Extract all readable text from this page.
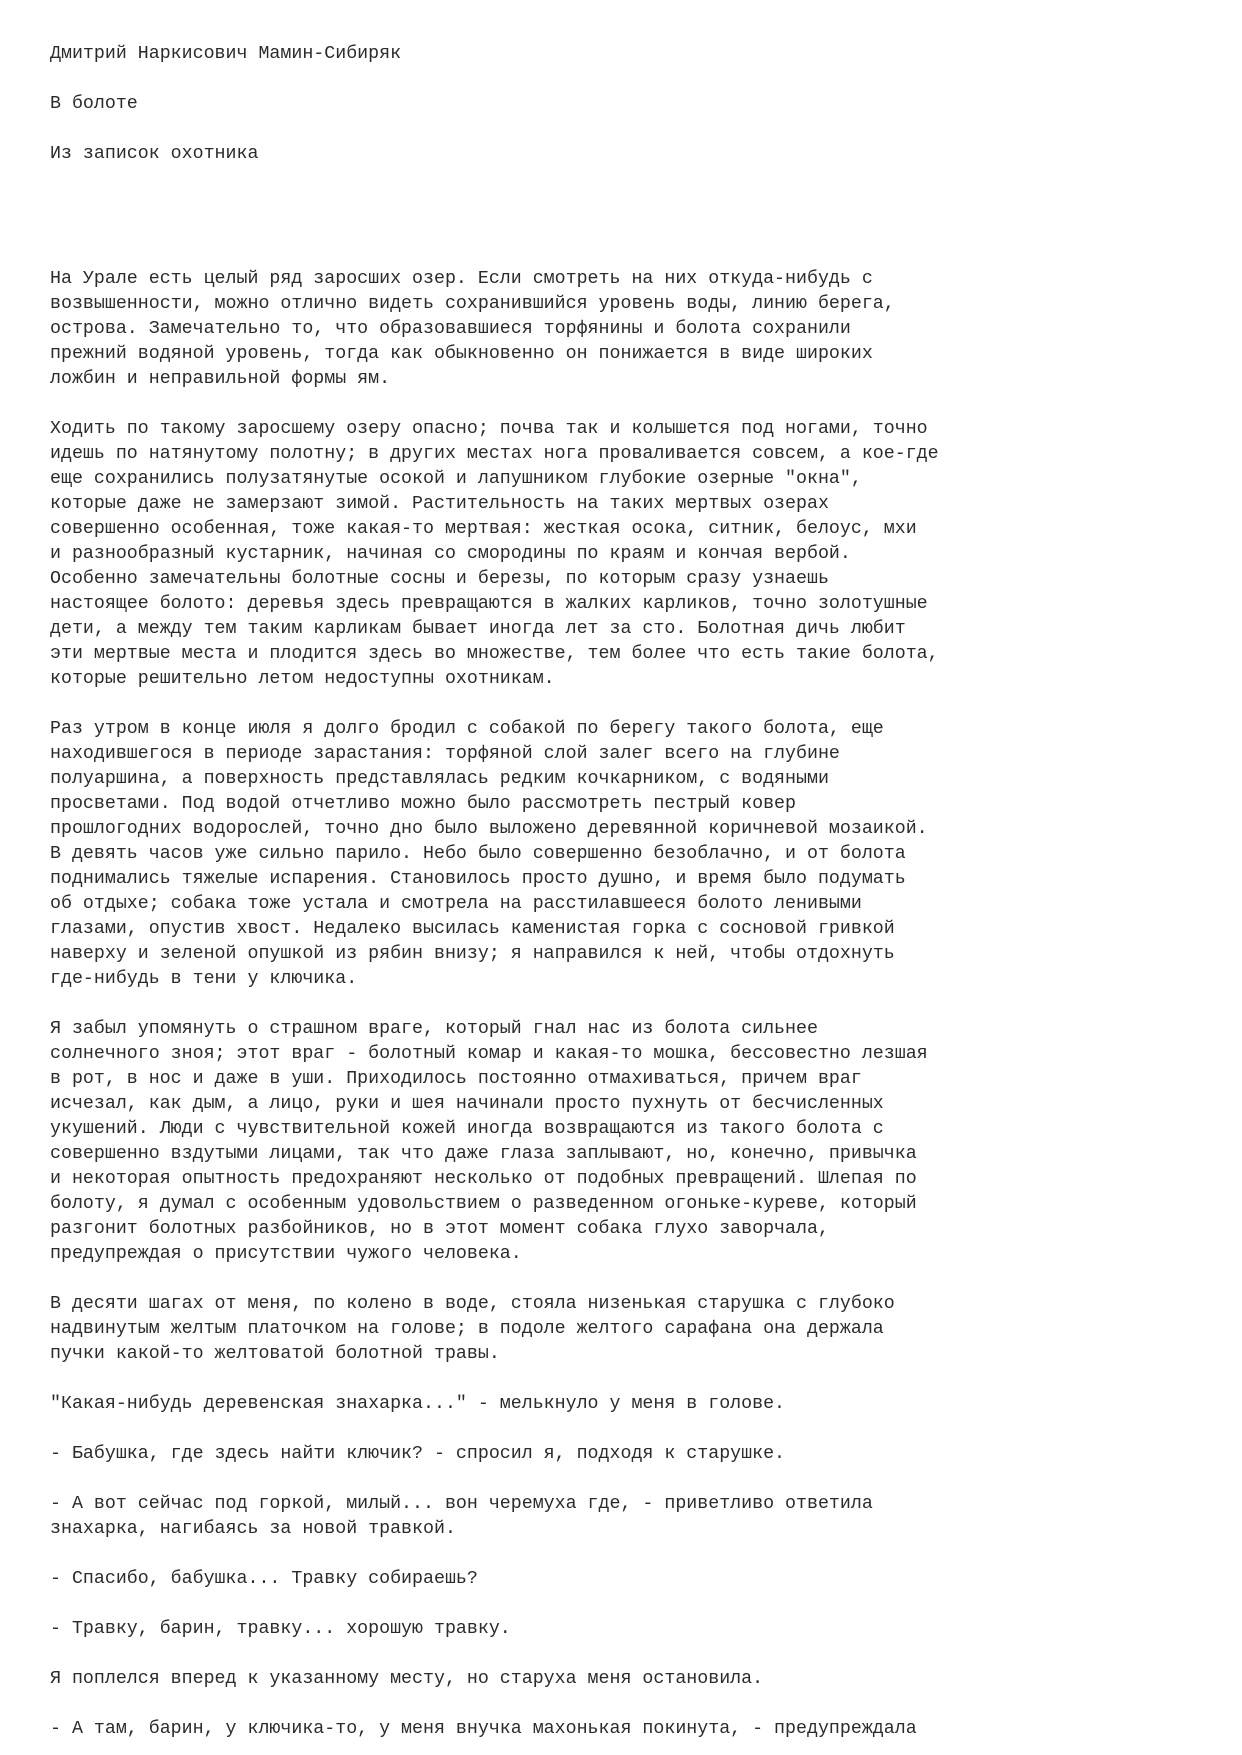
Дмитрий Наркисович Мамин-Сибиряк
В болоте
Из записок охотника
На Урале есть целый ряд заросших озер. Если смотреть на них откуда-нибудь с
возвышенности, можно отлично видеть сохранившийся уровень воды, линию берега,
острова. Замечательно то, что образовавшиеся торфянины и болота сохранили
прежний водяной уровень, тогда как обыкновенно он понижается в виде широких
ложбин и неправильной формы ям.
Ходить по такому заросшему озеру опасно; почва так и колышется под ногами, точно
идешь по натянутому полотну; в других местах нога проваливается совсем, а кое-где
еще сохранились полузатянутые осокой и лапушником глубокие озерные "окна",
которые даже не замерзают зимой. Растительность на таких мертвых озерах
совершенно особенная, тоже какая-то мертвая: жесткая осока, ситник, белоус, мхи
и разнообразный кустарник, начиная со смородины по краям и кончая вербой.
Особенно замечательны болотные сосны и березы, по которым сразу узнаешь
настоящее болото: деревья здесь превращаются в жалких карликов, точно золотушные
дети, а между тем таким карликам бывает иногда лет за сто. Болотная дичь любит
эти мертвые места и плодится здесь во множестве, тем более что есть такие болота,
которые решительно летом недоступны охотникам.
Раз утром в конце июля я долго бродил с собакой по берегу такого болота, еще
находившегося в периоде зарастания: торфяной слой залег всего на глубине
полуаршина, а поверхность представлялась редким кочкарником, с водяными
просветами. Под водой отчетливо можно было рассмотреть пестрый ковер
прошлогодних водорослей, точно дно было выложено деревянной коричневой мозаикой.
В девять часов уже сильно парило. Небо было совершенно безоблачно, и от болота
поднимались тяжелые испарения. Становилось просто душно, и время было подумать
об отдыхе; собака тоже устала и смотрела на расстилавшееся болото ленивыми
глазами, опустив хвост. Недалеко высилась каменистая горка с сосновой гривкой
наверху и зеленой опушкой из рябин внизу; я направился к ней, чтобы отдохнуть
где-нибудь в тени у ключика.
Я забыл упомянуть о страшном враге, который гнал нас из болота сильнее
солнечного зноя; этот враг - болотный комар и какая-то мошка, бессовестно лезшая
в рот, в нос и даже в уши. Приходилось постоянно отмахиваться, причем враг
исчезал, как дым, а лицо, руки и шея начинали просто пухнуть от бесчисленных
укушений. Люди с чувствительной кожей иногда возвращаются из такого болота с
совершенно вздутыми лицами, так что даже глаза заплывают, но, конечно, привычка
и некоторая опытность предохраняют несколько от подобных превращений. Шлепая по
болоту, я думал с особенным удовольствием о разведенном огоньке-куреве, который
разгонит болотных разбойников, но в этот момент собака глухо заворчала,
предупреждая о присутствии чужого человека.
В десяти шагах от меня, по колено в воде, стояла низенькая старушка с глубоко
надвинутым желтым платочком на голове; в подоле желтого сарафана она держала
пучки какой-то желтоватой болотной травы.
"Какая-нибудь деревенская знахарка..." - мелькнуло у меня в голове.
- Бабушка, где здесь найти ключик? - спросил я, подходя к старушке.
- А вот сейчас под горкой, милый... вон черемуха где, - приветливо ответила
знахарка, нагибаясь за новой травкой.
- Спасибо, бабушка... Травку собираешь?
- Травку, барин, травку... хорошую травку.
Я поплелся вперед к указанному месту, но старуха меня остановила.
- А там, барин, у ключика-то, у меня внучка махонькая покинута, - предупреждала
